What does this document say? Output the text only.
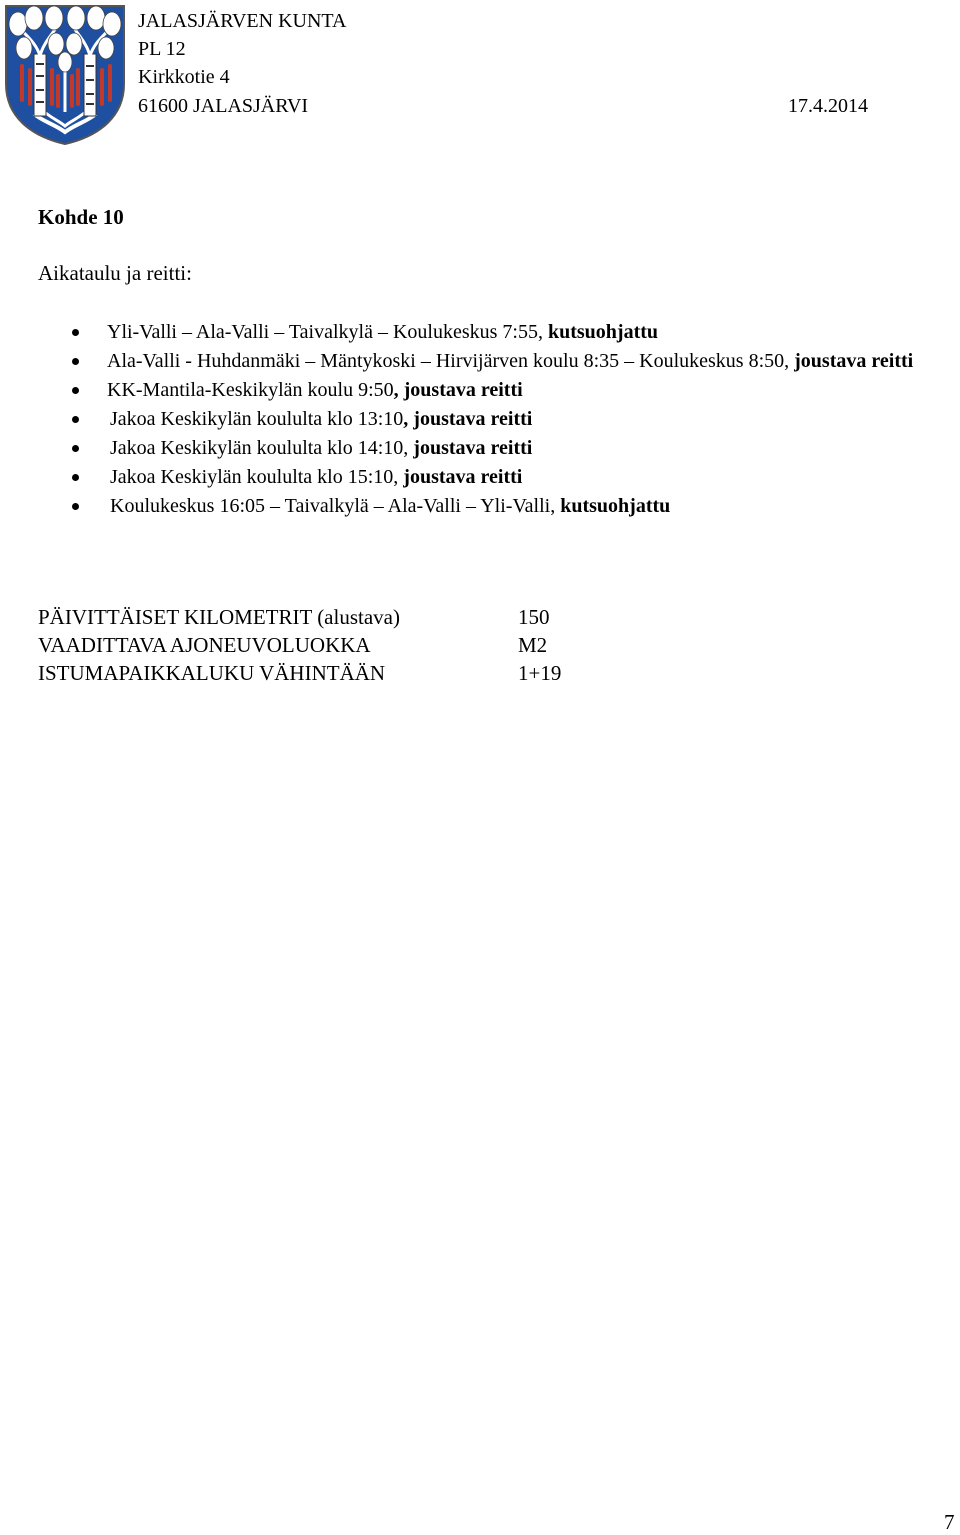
JALASJÄRVEN KUNTA
PL 12
Kirkkotie 4
61600 JALASJÄRVI	17.4.2014
Kohde 10
Aikataulu ja reitti:
Yli-Valli – Ala-Valli – Taivalkylä – Koulukeskus 7:55, kutsuohjattu
Ala-Valli - Huhdanmäki – Mäntykoski – Hirvijärven koulu 8:35 – Koulukeskus 8:50, joustava reitti
KK-Mantila-Keskikylän koulu 9:50, joustava reitti
Jakoa Keskikylän koululta klo 13:10, joustava reitti
Jakoa Keskikylän koululta klo 14:10, joustava reitti
Jakoa Keskiylän koululta klo 15:10, joustava reitti
Koulukeskus 16:05 – Taivalkylä – Ala-Valli – Yli-Valli, kutsuohjattu
PÄIVITTÄISET KILOMETRIT (alustava)	150
VAADITTAVA AJONEUVOLUOKKA	M2
ISTUMAPAIKKALUKU VÄHINTÄÄN	1+19
7
